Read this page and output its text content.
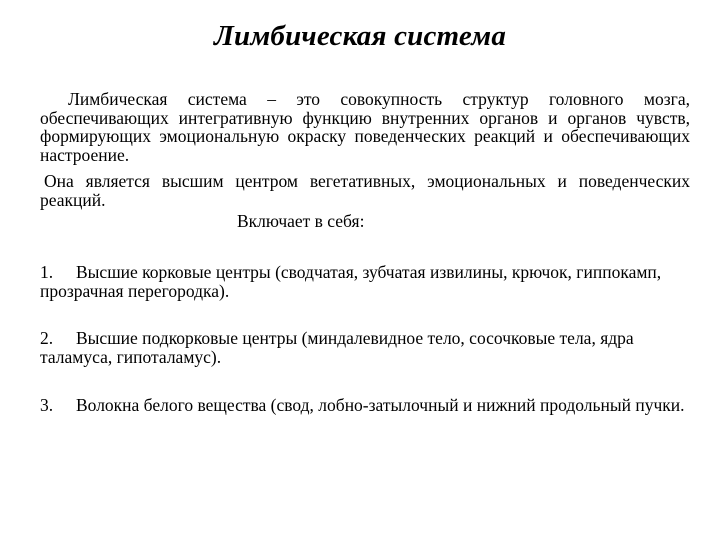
Лимбическая система
Лимбическая система – это совокупность структур головного мозга, обеспечивающих интегративную функцию внутренних органов и органов чувств, формирующих эмоциональную окраску поведенческих реакций и обеспечивающих настроение.
Она является высшим центром вегетативных, эмоциональных и поведенческих реакций.
Включает в себя:
1. Высшие корковые центры (сводчатая, зубчатая извилины, крючок, гиппокамп, прозрачная перегородка).
2. Высшие подкорковые центры (миндалевидное тело, сосочковые тела, ядра таламуса, гипоталамус).
3. Волокна белого вещества (свод, лобно-затылочный и нижний продольный пучки.
